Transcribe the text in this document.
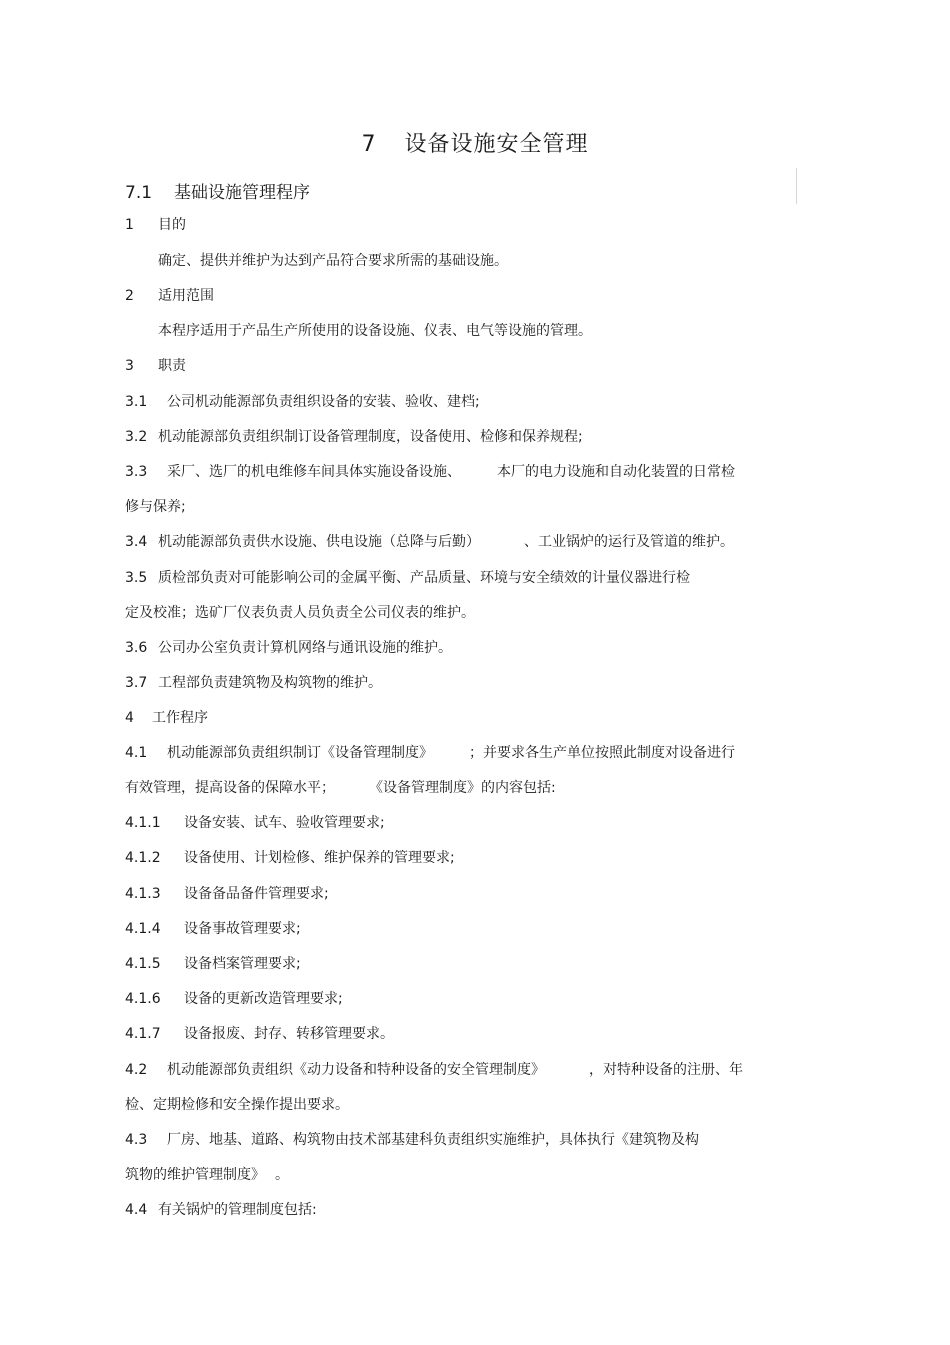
7 设备设施安全管理
7.1 基础设施管理程序
1 目的
确定、提供并维护为达到产品符合要求所需的基础设施。
2 适用范围
本程序适用于产品生产所使用的设备设施、仪表、电气等设施的管理。
3 职责
3.1 公司机动能源部负责组织设备的安装、验收、建档;
3.2 机动能源部负责组织制订设备管理制度，设备使用、检修和保养规程;
3.3 采厂、选厂的机电维修车间具体实施设备设施、	本厂的电力设施和自动化装置的日常检
修与保养;
3.4 机动能源部负责供水设施、供电设施（总降与后勤）	、工业锅炉的运行及管道的维护。
3.5 质检部负责对可能影响公司的金属平衡、产品质量、环境与安全绩效的计量仪器进行检
定及校准；选矿厂仪表负责人员负责全公司仪表的维护。
3.6 公司办公室负责计算机网络与通讯设施的维护。
3.7 工程部负责建筑物及构筑物的维护。
4 工作程序
4.1 机动能源部负责组织制订《设备管理制度》	；并要求各生产单位按照此制度对设备进行
有效管理，提高设备的保障水平； 《设备管理制度》的内容包括:
4.1.1 设备安装、试车、验收管理要求;
4.1.2 设备使用、计划检修、维护保养的管理要求;
4.1.3 设备备品备件管理要求;
4.1.4 设备事故管理要求;
4.1.5 设备档案管理要求;
4.1.6 设备的更新改造管理要求;
4.1.7 设备报废、封存、转移管理要求。
4.2 机动能源部负责组织《动力设备和特种设备的安全管理制度》	，对特种设备的注册、年
检、定期检修和安全操作提出要求。
4.3 厂房、地基、道路、构筑物由技术部基建科负责组织实施维护，具体执行《建筑物及构
筑物的维护管理制度》 。
4.4 有关锅炉的管理制度包括:
